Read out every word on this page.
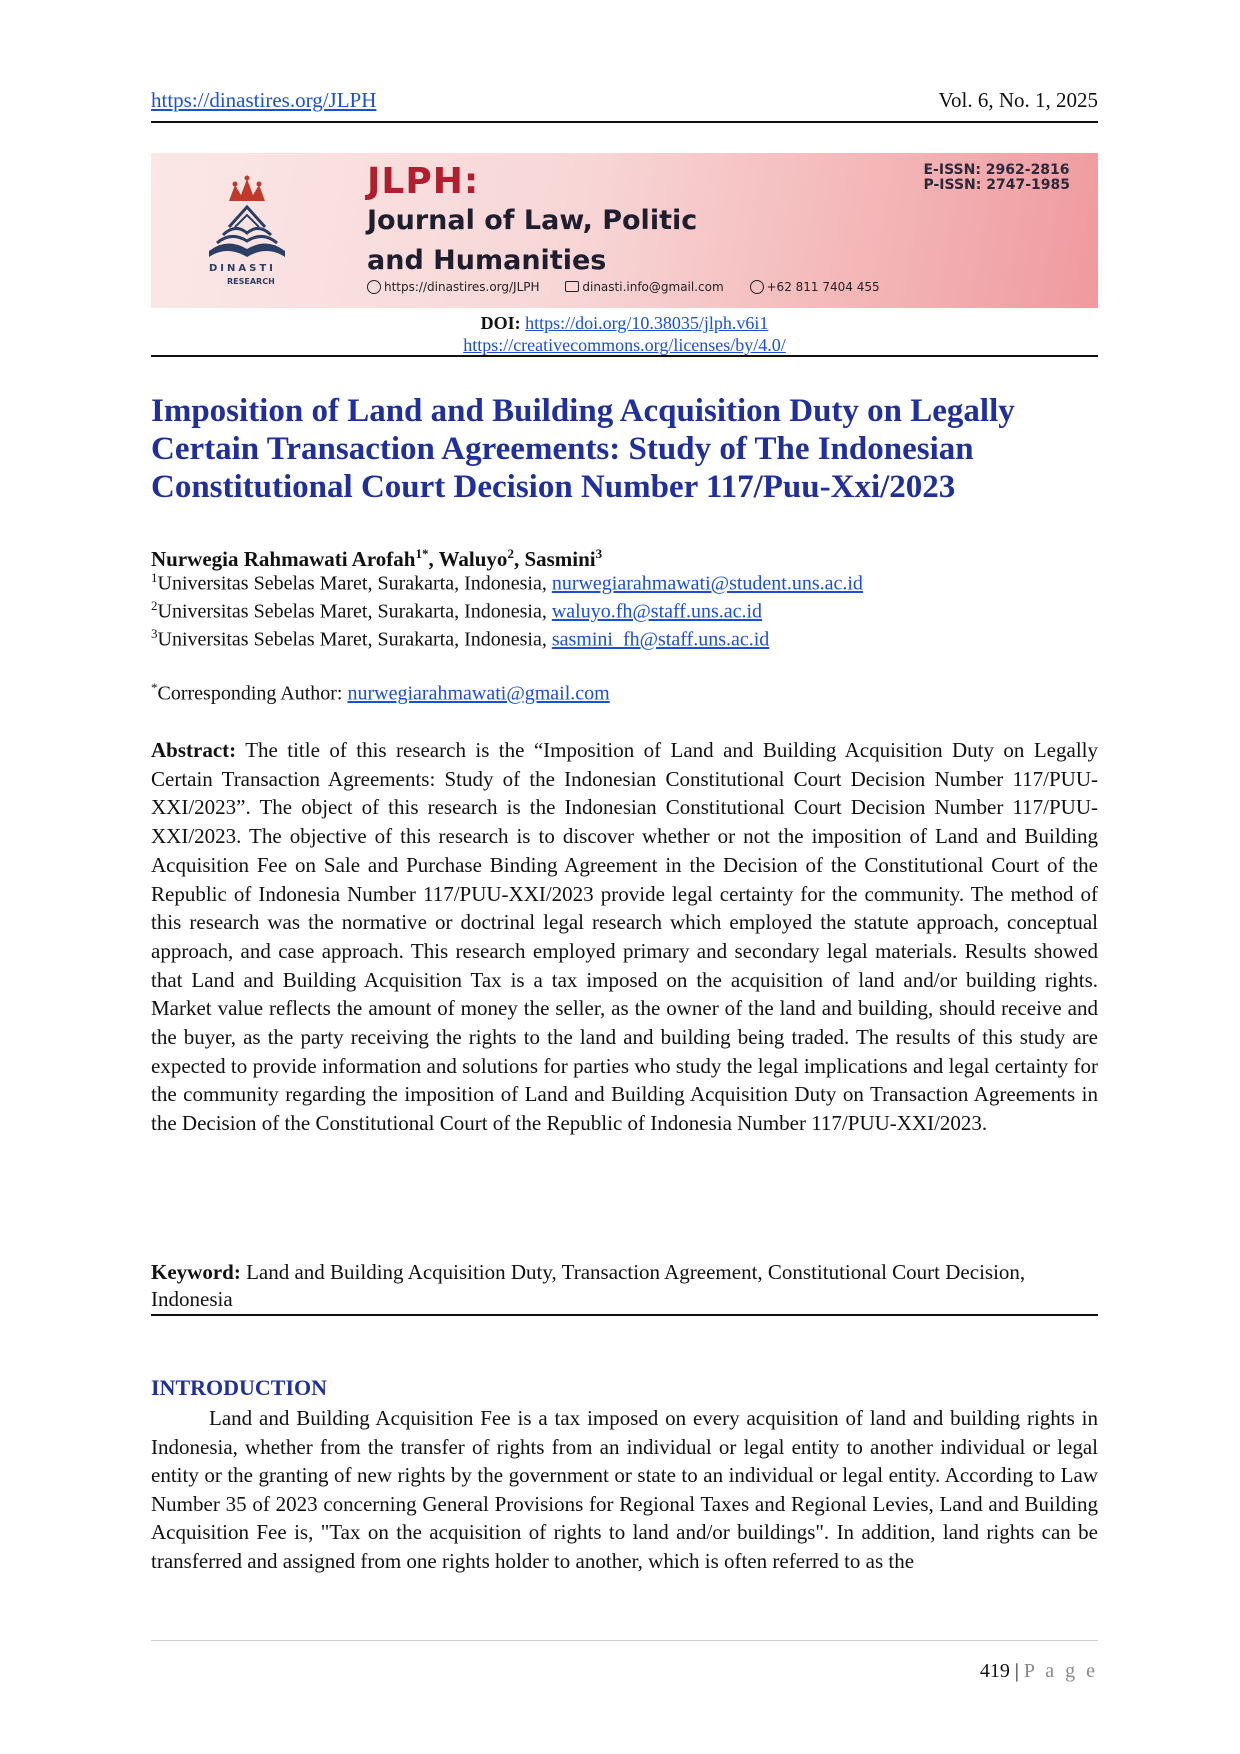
https://dinastires.org/JLPH	Vol. 6, No. 1, 2025
DINASTI
RESEARCH
JLPH:
Journal of Law, Politic and Humanities
E-ISSN: 2962-2816
P-ISSN: 2747-1985
https://dinastires.org/JLPH	dinasti.info@gmail.com	+62 811 7404 455
DOI: https://doi.org/10.38035/jlph.v6i1
https://creativecommons.org/licenses/by/4.0/
Imposition of Land and Building Acquisition Duty on Legally Certain Transaction Agreements: Study of The Indonesian Constitutional Court Decision Number 117/Puu-Xxi/2023
Nurwegia Rahmawati Arofah$^{1*}$, Waluyo$^2$, Sasmini$^3$
$^1$Universitas Sebelas Maret, Surakarta, Indonesia, nurwegiarahmawati@student.uns.ac.id
$^2$Universitas Sebelas Maret, Surakarta, Indonesia, waluyo.fh@staff.uns.ac.id
$^3$Universitas Sebelas Maret, Surakarta, Indonesia, sasmini_fh@staff.uns.ac.id
*Corresponding Author: nurwegiarahmawati@gmail.com
Abstract: The title of this research is the “Imposition of Land and Building Acquisition Duty on Legally Certain Transaction Agreements: Study of the Indonesian Constitutional Court Decision Number 117/PUU-XXI/2023”. The object of this research is the Indonesian Constitutional Court Decision Number 117/PUU-XXI/2023. The objective of this research is to discover whether or not the imposition of Land and Building Acquisition Fee on Sale and Purchase Binding Agreement in the Decision of the Constitutional Court of the Republic of Indonesia Number 117/PUU-XXI/2023 provide legal certainty for the community. The method of this research was the normative or doctrinal legal research which employed the statute approach, conceptual approach, and case approach. This research employed primary and secondary legal materials. Results showed that Land and Building Acquisition Tax is a tax imposed on the acquisition of land and/or building rights. Market value reflects the amount of money the seller, as the owner of the land and building, should receive and the buyer, as the party receiving the rights to the land and building being traded. The results of this study are expected to provide information and solutions for parties who study the legal implications and legal certainty for the community regarding the imposition of Land and Building Acquisition Duty on Transaction Agreements in the Decision of the Constitutional Court of the Republic of Indonesia Number 117/PUU-XXI/2023.
Keyword: Land and Building Acquisition Duty, Transaction Agreement, Constitutional Court Decision, Indonesia
INTRODUCTION
Land and Building Acquisition Fee is a tax imposed on every acquisition of land and building rights in Indonesia, whether from the transfer of rights from an individual or legal entity to another individual or legal entity or the granting of new rights by the government or state to an individual or legal entity. According to Law Number 35 of 2023 concerning General Provisions for Regional Taxes and Regional Levies, Land and Building Acquisition Fee is, "Tax on the acquisition of rights to land and/or buildings". In addition, land rights can be transferred and assigned from one rights holder to another, which is often referred to as the
419 | P a g e
